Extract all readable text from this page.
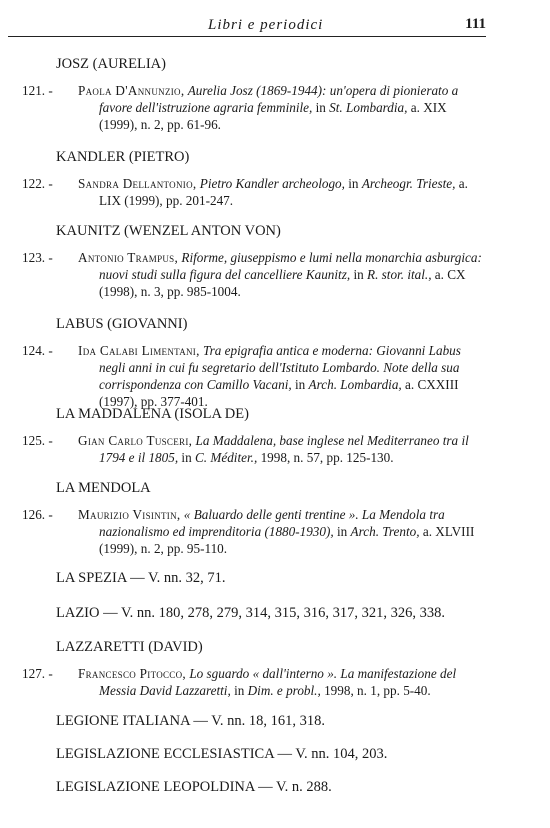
Libri e periodici	111
JOSZ (AURELIA)
121. -	Paola D'Annunzio, Aurelia Josz (1869-1944): un'opera di pionierato a favore dell'istruzione agraria femminile, in St. Lombardia, a. XIX (1999), n. 2, pp. 61-96.
KANDLER (PIETRO)
122. -	Sandra Dellantonio, Pietro Kandler archeologo, in Archeogr. Trieste, a. LIX (1999), pp. 201-247.
KAUNITZ (WENZEL ANTON VON)
123. -	Antonio Trampus, Riforme, giuseppismo e lumi nella monarchia asburgica: nuovi studi sulla figura del cancelliere Kaunitz, in R. stor. ital., a. CX (1998), n. 3, pp. 985-1004.
LABUS (GIOVANNI)
124. -	Ida Calabi Limentani, Tra epigrafia antica e moderna: Giovanni Labus negli anni in cui fu segretario dell'Istituto Lombardo. Note della sua corrispondenza con Camillo Vacani, in Arch. Lombardia, a. CXXIII (1997), pp. 377-401.
LA MADDALENA (ISOLA DE)
125. -	Gian Carlo Tusceri, La Maddalena, base inglese nel Mediterraneo tra il 1794 e il 1805, in C. Méditer., 1998, n. 57, pp. 125-130.
LA MENDOLA
126. -	Maurizio Visintin, « Baluardo delle genti trentine ». La Mendola tra nazionalismo ed imprenditoria (1880-1930), in Arch. Trento, a. XLVIII (1999), n. 2, pp. 95-110.
LA SPEZIA — V. nn. 32, 71.
LAZIO — V. nn. 180, 278, 279, 314, 315, 316, 317, 321, 326, 338.
LAZZARETTI (DAVID)
127. -	Francesco Pitocco, Lo sguardo « dall'interno ». La manifestazione del Messia David Lazzaretti, in Dim. e probl., 1998, n. 1, pp. 5-40.
LEGIONE ITALIANA — V. nn. 18, 161, 318.
LEGISLAZIONE ECCLESIASTICA — V. nn. 104, 203.
LEGISLAZIONE LEOPOLDINA — V. n. 288.
